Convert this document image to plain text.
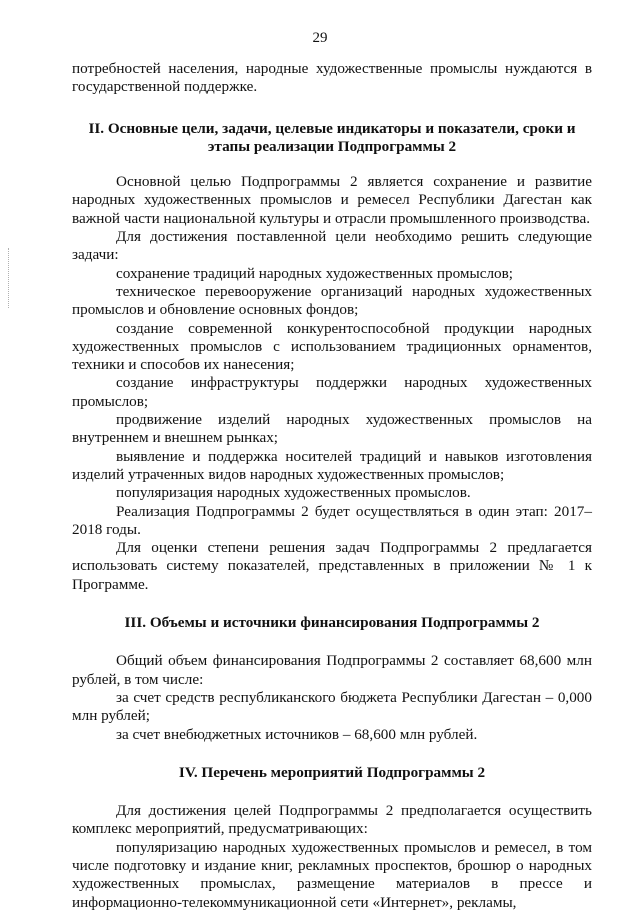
29

потребностей населения, народные художественные промыслы нуждаются в государственной поддержке.

II. Основные цели, задачи, целевые индикаторы и показатели, сроки и этапы реализации Подпрограммы 2

Основной целью Подпрограммы 2 является сохранение и развитие народных художественных промыслов и ремесел Республики Дагестан как важной части национальной культуры и отрасли промышленного производства.

Для достижения поставленной цели необходимо решить следующие задачи:

сохранение традиций народных художественных промыслов;

техническое перевооружение организаций народных художественных промыслов и обновление основных фондов;

создание современной конкурентоспособной продукции народных художественных промыслов с использованием традиционных орнаментов, техники и способов их нанесения;

создание инфраструктуры поддержки народных художественных промыслов;

продвижение изделий народных художественных промыслов на внутреннем и внешнем рынках;

выявление и поддержка носителей традиций и навыков изготовления изделий утраченных видов народных художественных промыслов;

популяризация народных художественных промыслов.

Реализация Подпрограммы 2 будет осуществляться в один этап: 2017–2018 годы.

Для оценки степени решения задач Подпрограммы 2 предлагается использовать систему показателей, представленных в приложении № 1 к Программе.

III. Объемы и источники финансирования Подпрограммы 2

Общий объем финансирования Подпрограммы 2 составляет 68,600 млн рублей, в том числе:

за счет средств республиканского бюджета Республики Дагестан – 0,000 млн рублей;

за счет внебюджетных источников – 68,600 млн рублей.

IV. Перечень мероприятий Подпрограммы 2

Для достижения целей Подпрограммы 2 предполагается осуществить комплекс мероприятий, предусматривающих:

популяризацию народных художественных промыслов и ремесел, в том числе подготовку и издание книг, рекламных проспектов, брошюр о народных художественных промыслах, размещение материалов в прессе и информационно-телекоммуникационной сети «Интернет», рекламы,
